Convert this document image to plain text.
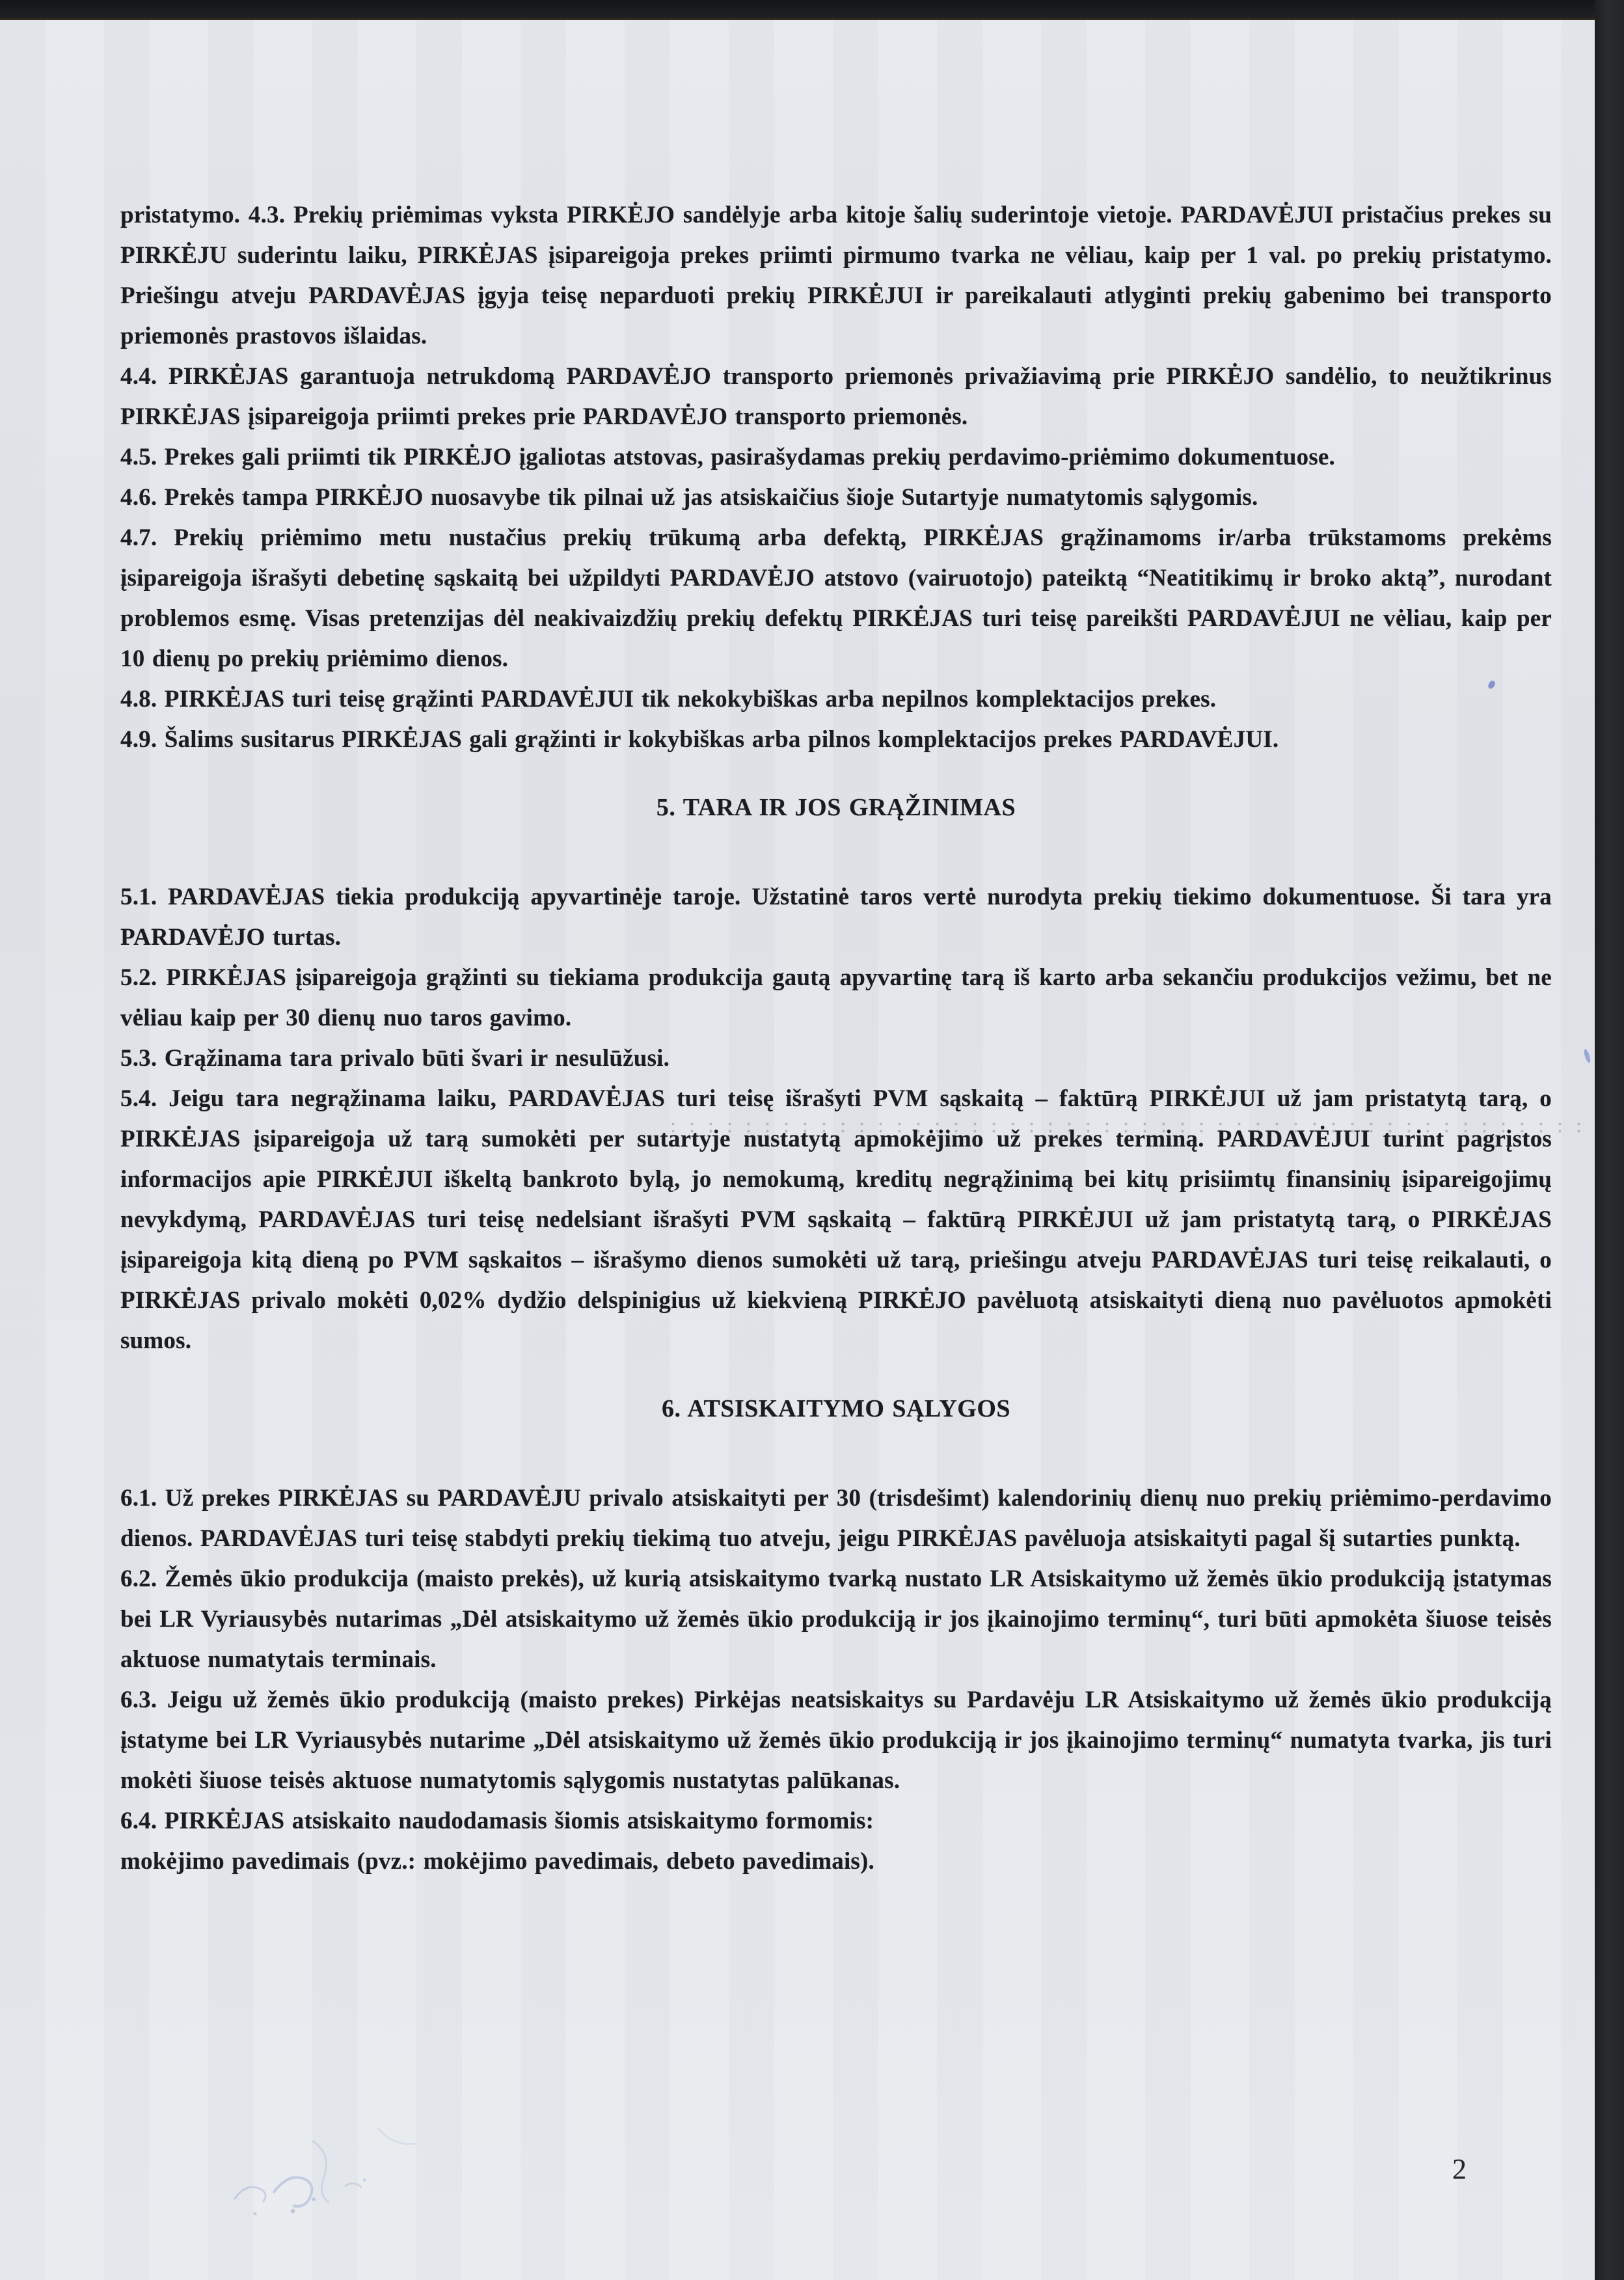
pristatymo. 4.3. Prekių priėmimas vyksta PIRKĖJO sandėlyje arba kitoje šalių suderintoje vietoje. PARDAVĖJUI pristačius prekes su PIRKĖJU suderintu laiku, PIRKĖJAS įsipareigoja prekes priimti pirmumo tvarka ne vėliau, kaip per 1 val. po prekių pristatymo. Priešingu atveju PARDAVĖJAS įgyja teisę neparduoti prekių PIRKĖJUI ir pareikalauti atlyginti prekių gabenimo bei transporto priemonės prastovos išlaidas.

4.4. PIRKĖJAS garantuoja netrukdomą PARDAVĖJO transporto priemonės privažiavimą prie PIRKĖJO sandėlio, to neužtikrinus PIRKĖJAS įsipareigoja priimti prekes prie PARDAVĖJO transporto priemonės.

4.5. Prekes gali priimti tik PIRKĖJO įgaliotas atstovas, pasirašydamas prekių perdavimo-priėmimo dokumentuose.

4.6. Prekės tampa PIRKĖJO nuosavybe tik pilnai už jas atsiskaičius šioje Sutartyje numatytomis sąlygomis.

4.7. Prekių priėmimo metu nustačius prekių trūkumą arba defektą, PIRKĖJAS grąžinamoms ir/arba trūkstamoms prekėms įsipareigoja išrašyti debetinę sąskaitą bei užpildyti PARDAVĖJO atstovo (vairuotojo) pateiktą “Neatitikimų ir broko aktą”, nurodant problemos esmę. Visas pretenzijas dėl neakivaizdžių prekių defektų PIRKĖJAS turi teisę pareikšti PARDAVĖJUI ne vėliau, kaip per 10 dienų po prekių priėmimo dienos.

4.8. PIRKĖJAS turi teisę grąžinti PARDAVĖJUI tik nekokybiškas arba nepilnos komplektacijos prekes.

4.9. Šalims susitarus PIRKĖJAS gali grąžinti ir kokybiškas arba pilnos komplektacijos prekes PARDAVĖJUI.

5. TARA IR JOS GRĄŽINIMAS

5.1. PARDAVĖJAS tiekia produkciją apyvartinėje taroje. Užstatinė taros vertė nurodyta prekių tiekimo dokumentuose. Ši tara yra PARDAVĖJO turtas.

5.2. PIRKĖJAS įsipareigoja grąžinti su tiekiama produkcija gautą apyvartinę tarą iš karto arba sekančiu produkcijos vežimu, bet ne vėliau kaip per 30 dienų nuo taros gavimo.

5.3. Grąžinama tara privalo būti švari ir nesulūžusi.

5.4. Jeigu tara negrąžinama laiku, PARDAVĖJAS turi teisę išrašyti PVM sąskaitą – faktūrą PIRKĖJUI už jam pristatytą tarą, o PIRKĖJAS įsipareigoja už tarą sumokėti per sutartyje nustatytą apmokėjimo už prekes terminą. PARDAVĖJUI turint pagrįstos informacijos apie PIRKĖJUI iškeltą bankroto bylą, jo nemokumą, kreditų negrąžinimą bei kitų prisiimtų finansinių įsipareigojimų nevykdymą, PARDAVĖJAS turi teisę nedelsiant išrašyti PVM sąskaitą – faktūrą PIRKĖJUI už jam pristatytą tarą, o PIRKĖJAS įsipareigoja kitą dieną po PVM sąskaitos – išrašymo dienos sumokėti už tarą, priešingu atveju PARDAVĖJAS turi teisę reikalauti, o PIRKĖJAS privalo mokėti 0,02% dydžio delspinigius už kiekvieną PIRKĖJO pavėluotą atsiskaityti dieną nuo pavėluotos apmokėti sumos.

6. ATSISKAITYMO SĄLYGOS

6.1. Už prekes PIRKĖJAS su PARDAVĖJU privalo atsiskaityti per 30 (trisdešimt) kalendorinių dienų nuo prekių priėmimo-perdavimo dienos. PARDAVĖJAS turi teisę stabdyti prekių tiekimą tuo atveju, jeigu PIRKĖJAS pavėluoja atsiskaityti pagal šį sutarties punktą.

6.2. Žemės ūkio produkcija (maisto prekės), už kurią atsiskaitymo tvarką nustato LR Atsiskaitymo už žemės ūkio produkciją įstatymas bei LR Vyriausybės nutarimas „Dėl atsiskaitymo už žemės ūkio produkciją ir jos įkainojimo terminų“, turi būti apmokėta šiuose teisės aktuose numatytais terminais.

6.3. Jeigu už žemės ūkio produkciją (maisto prekes) Pirkėjas neatsiskaitys su Pardavėju LR Atsiskaitymo už žemės ūkio produkciją įstatyme bei LR Vyriausybės nutarime „Dėl atsiskaitymo už žemės ūkio produkciją ir jos įkainojimo terminų“ numatyta tvarka, jis turi mokėti šiuose teisės aktuose numatytomis sąlygomis nustatytas palūkanas.

6.4. PIRKĖJAS atsiskaito naudodamasis šiomis atsiskaitymo formomis:

mokėjimo pavedimais (pvz.: mokėjimo pavedimais, debeto pavedimais).

2
